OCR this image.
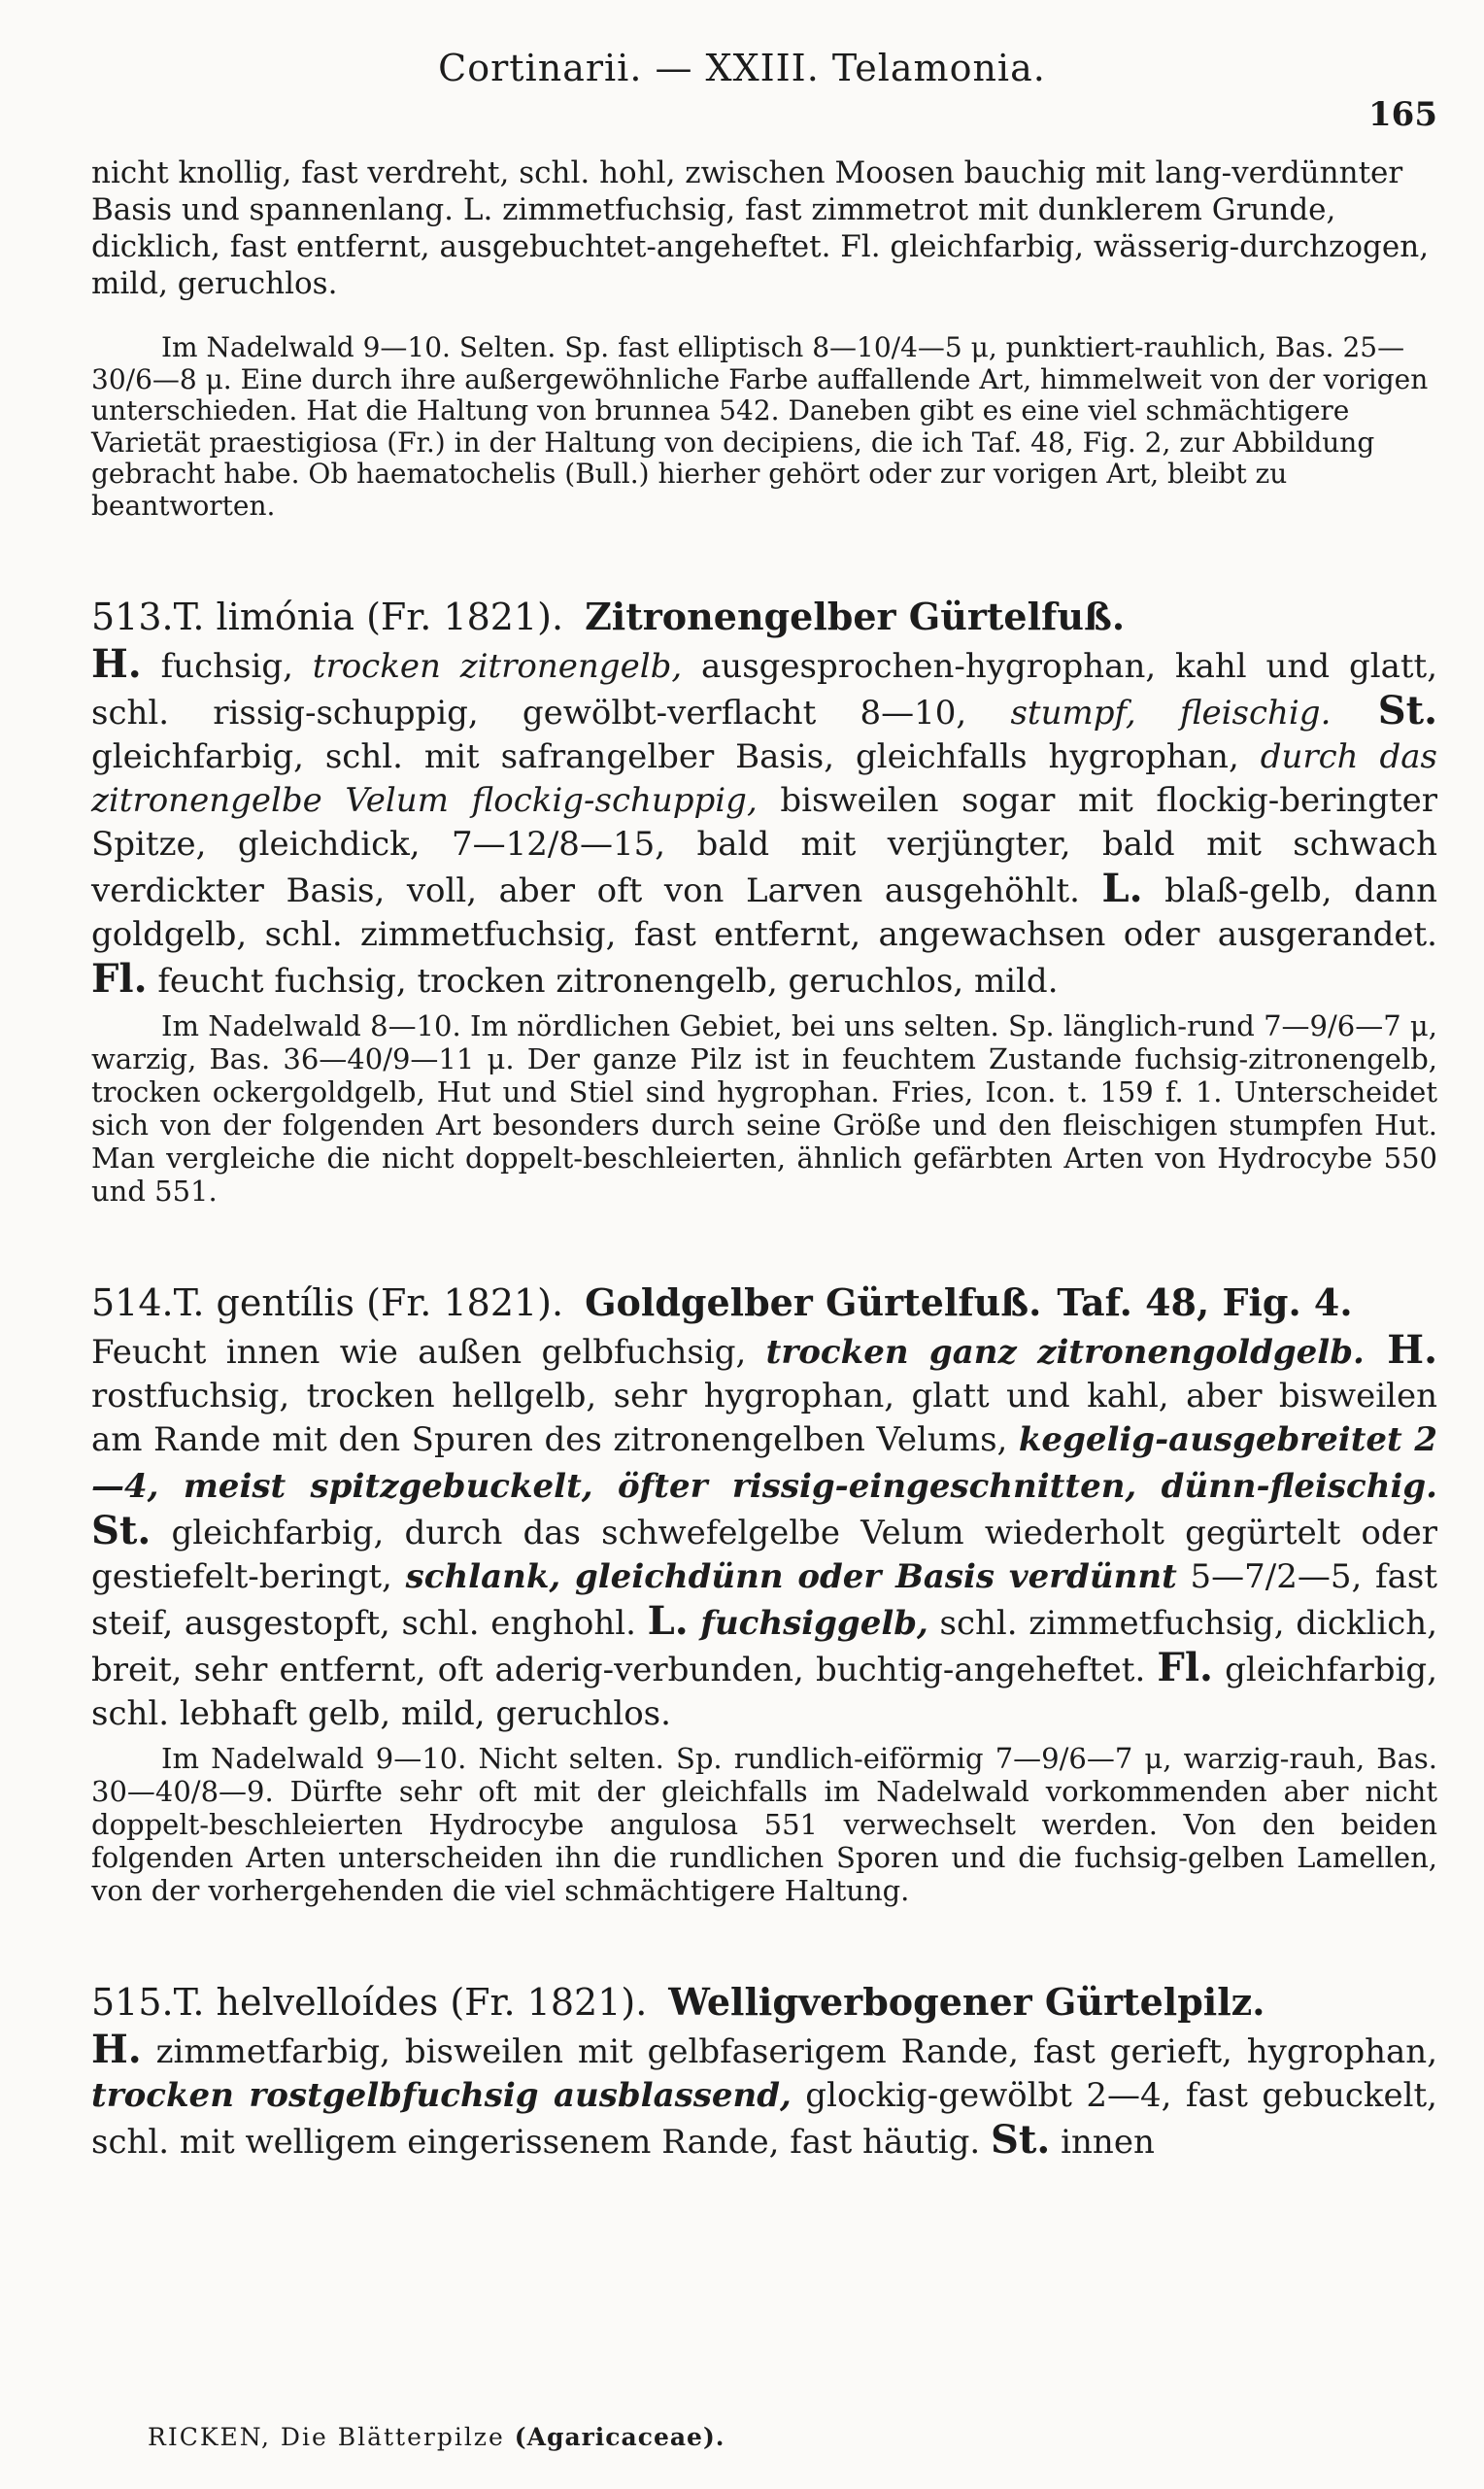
Cortinarii. — XXIII. Telamonia.
165

nicht knollig, fast verdreht, schl. hohl, zwischen Moosen bauchig mit lang-verdünnter Basis und spannenlang. L. zimmetfuchsig, fast zimmetrot mit dunklerem Grunde, dicklich, fast entfernt, ausgebuchtet-angeheftet. Fl. gleichfarbig, wässerig-durchzogen, mild, geruchlos.

Im Nadelwald 9—10. Selten. Sp. fast elliptisch 8—10/4—5 μ, punktiert-rauhlich, Bas. 25—30/6—8 μ. Eine durch ihre außergewöhnliche Farbe auffallende Art, himmelweit von der vorigen unterschieden. Hat die Haltung von brunnea 542. Daneben gibt es eine viel schmächtigere Varietät praestigiosa (Fr.) in der Haltung von decipiens, die ich Taf. 48, Fig. 2, zur Abbildung gebracht habe. Ob haematochelis (Bull.) hierher gehört oder zur vorigen Art, bleibt zu beantworten.

513.T. limónia (Fr. 1821). Zitronengelber Gürtelfuß.

H. fuchsig, trocken zitronengelb, ausgesprochen-hygrophan, kahl und glatt, schl. rissig-schuppig, gewölbt-verflacht 8—10, stumpf, fleischig. St. gleichfarbig, schl. mit safrangelber Basis, gleichfalls hygrophan, durch das zitronengelbe Velum flockig-schuppig, bisweilen sogar mit flockig-beringter Spitze, gleichdick, 7—12/8—15, bald mit verjüngter, bald mit schwach verdickter Basis, voll, aber oft von Larven ausgehöhlt. L. blaß-gelb, dann goldgelb, schl. zimmetfuchsig, fast entfernt, angewachsen oder ausgerandet. Fl. feucht fuchsig, trocken zitronengelb, geruchlos, mild.

Im Nadelwald 8—10. Im nördlichen Gebiet, bei uns selten. Sp. länglich-rund 7—9/6—7 μ, warzig, Bas. 36—40/9—11 μ. Der ganze Pilz ist in feuchtem Zustande fuchsig-zitronengelb, trocken ockergoldgelb, Hut und Stiel sind hygrophan. Fries, Icon. t. 159 f. 1. Unterscheidet sich von der folgenden Art besonders durch seine Größe und den fleischigen stumpfen Hut. Man vergleiche die nicht doppelt-beschleierten, ähnlich gefärbten Arten von Hydrocybe 550 und 551.

514.T. gentílis (Fr. 1821). Goldgelber Gürtelfuß. Taf. 48, Fig. 4.

Feucht innen wie außen gelbfuchsig, trocken ganz zitronengoldgelb. H. rostfuchsig, trocken hellgelb, sehr hygrophan, glatt und kahl, aber bisweilen am Rande mit den Spuren des zitronengelben Velums, kegelig-ausgebreitet 2—4, meist spitzgebuckelt, öfter rissig-eingeschnitten, dünn-fleischig. St. gleichfarbig, durch das schwefelgelbe Velum wiederholt gegürtelt oder gestiefelt-beringt, schlank, gleichdünn oder Basis verdünnt 5—7/2—5, fast steif, ausgestopft, schl. enghohl. L. fuchsiggelb, schl. zimmetfuchsig, dicklich, breit, sehr entfernt, oft aderig-verbunden, buchtig-angeheftet. Fl. gleichfarbig, schl. lebhaft gelb, mild, geruchlos.

Im Nadelwald 9—10. Nicht selten. Sp. rundlich-eiförmig 7—9/6—7 μ, warzig-rauh, Bas. 30—40/8—9. Dürfte sehr oft mit der gleichfalls im Nadelwald vorkommenden aber nicht doppelt-beschleierten Hydrocybe angulosa 551 verwechselt werden. Von den beiden folgenden Arten unterscheiden ihn die rundlichen Sporen und die fuchsig-gelben Lamellen, von der vorhergehenden die viel schmächtigere Haltung.

515.T. helvelloídes (Fr. 1821). Welligverbogener Gürtelpilz.

H. zimmetfarbig, bisweilen mit gelbfaserigem Rande, fast gerieft, hygrophan, trocken rostgelbfuchsig ausblassend, glockig-gewölbt 2—4, fast gebuckelt, schl. mit welligem eingerissenem Rande, fast häutig. St. innen

RICKEN, Die Blätterpilze (Agaricaceae).
